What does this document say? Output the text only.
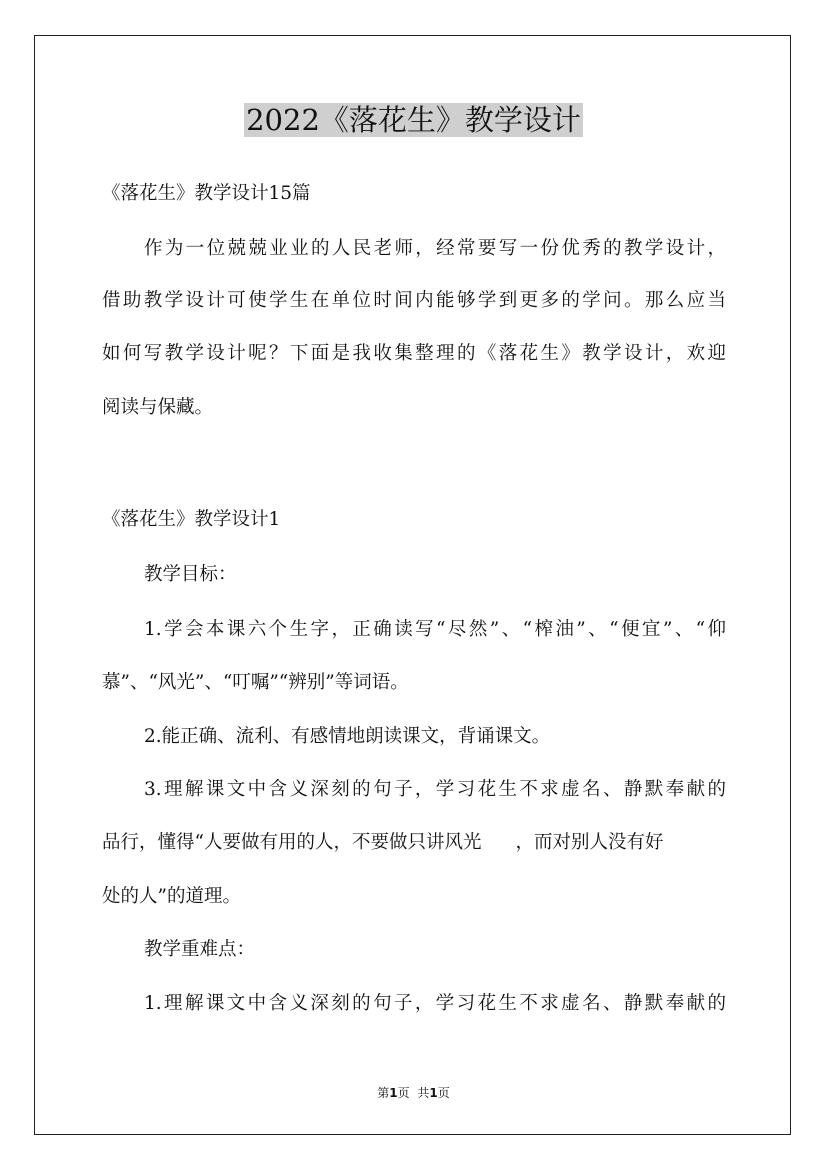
2022《落花生》教学设计
《落花生》教学设计15篇
作为一位兢兢业业的人民老师，经常要写一份优秀的教学设计，
借助教学设计可使学生在单位时间内能够学到更多的学问。那么应当
如何写教学设计呢？下面是我收集整理的《落花生》教学设计，欢迎
阅读与保藏。
《落花生》教学设计1
教学目标：
1.学会本课六个生字，正确读写“尽然”、“榨油”、“便宜”、“仰
慕”、“风光”、“叮嘱”“辨别”等词语。
2.能正确、流利、有感情地朗读课文，背诵课文。
3.理解课文中含义深刻的句子，学习花生不求虚名、静默奉献的
品行，懂得“人要做有用的人，不要做只讲风光 ，而对别人没有好
处的人”的道理。
教学重难点：
1.理解课文中含义深刻的句子，学习花生不求虚名、静默奉献的
第1页 共1页
